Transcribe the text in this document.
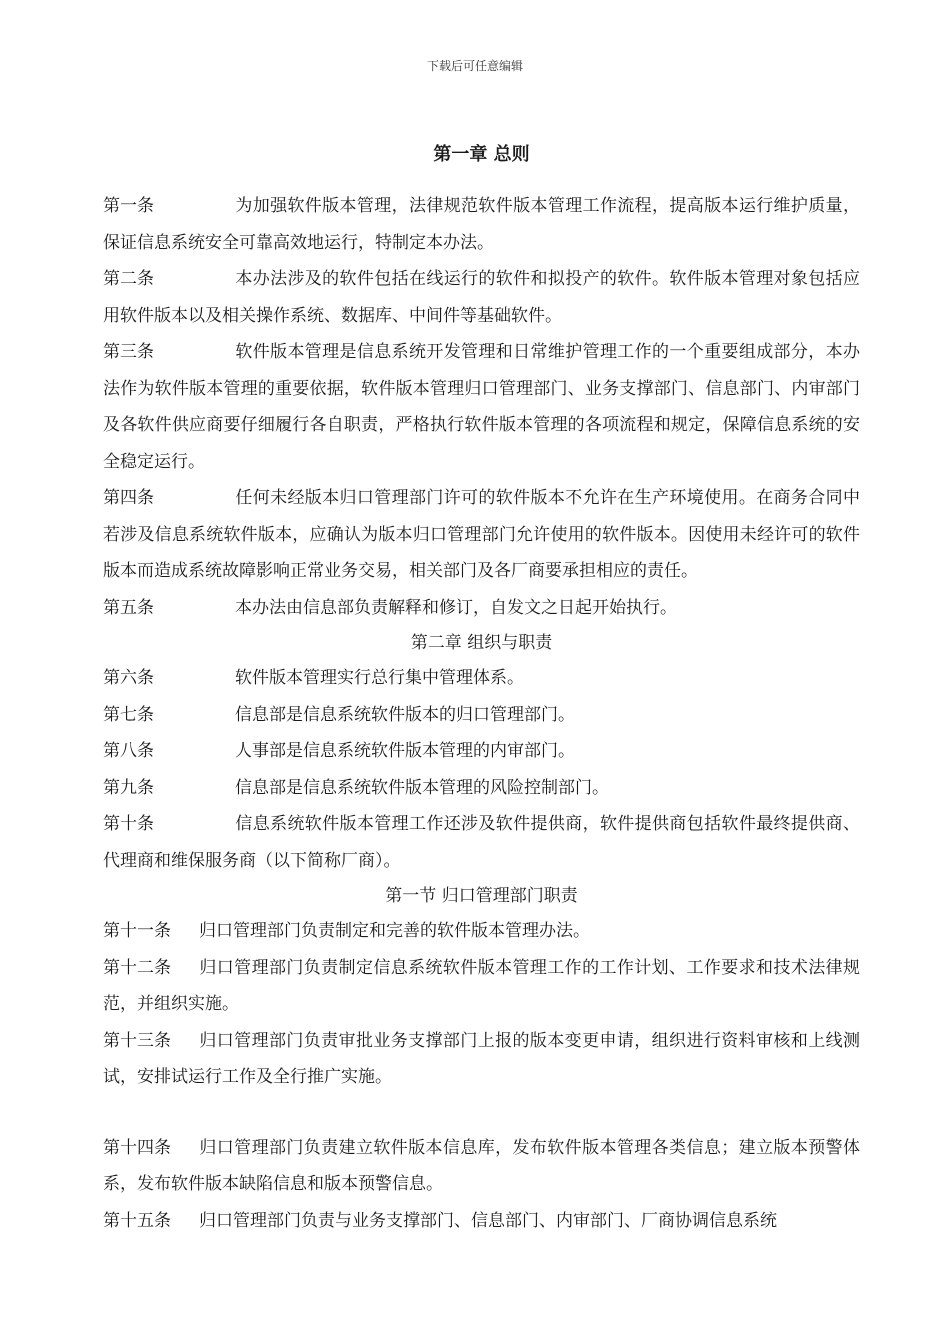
下载后可任意编辑
第一章 总则

第一条	为加强软件版本管理，法律规范软件版本管理工作流程，提高版本运行维护质量，保证信息系统安全可靠高效地运行，特制定本办法。

第二条	本办法涉及的软件包括在线运行的软件和拟投产的软件。软件版本管理对象包括应用软件版本以及相关操作系统、数据库、中间件等基础软件。

第三条	软件版本管理是信息系统开发管理和日常维护管理工作的一个重要组成部分，本办法作为软件版本管理的重要依据，软件版本管理归口管理部门、业务支撑部门、信息部门、内审部门及各软件供应商要仔细履行各自职责，严格执行软件版本管理的各项流程和规定，保障信息系统的安全稳定运行。

第四条	任何未经版本归口管理部门许可的软件版本不允许在生产环境使用。在商务合同中若涉及信息系统软件版本，应确认为版本归口管理部门允许使用的软件版本。因使用未经许可的软件版本而造成系统故障影响正常业务交易，相关部门及各厂商要承担相应的责任。

第五条	本办法由信息部负责解释和修订，自发文之日起开始执行。

第二章 组织与职责

第六条	软件版本管理实行总行集中管理体系。

第七条	信息部是信息系统软件版本的归口管理部门。

第八条	人事部是信息系统软件版本管理的内审部门。

第九条	信息部是信息系统软件版本管理的风险控制部门。

第十条	信息系统软件版本管理工作还涉及软件提供商，软件提供商包括软件最终提供商、代理商和维保服务商（以下简称厂商）。

第一节 归口管理部门职责

第十一条 归口管理部门负责制定和完善的软件版本管理办法。

第十二条 归口管理部门负责制定信息系统软件版本管理工作的工作计划、工作要求和技术法律规范，并组织实施。

第十三条 归口管理部门负责审批业务支撑部门上报的版本变更申请，组织进行资料审核和上线测试，安排试运行工作及全行推广实施。

第十四条 归口管理部门负责建立软件版本信息库，发布软件版本管理各类信息；建立版本预警体系，发布软件版本缺陷信息和版本预警信息。

第十五条 归口管理部门负责与业务支撑部门、信息部门、内审部门、厂商协调信息系统
